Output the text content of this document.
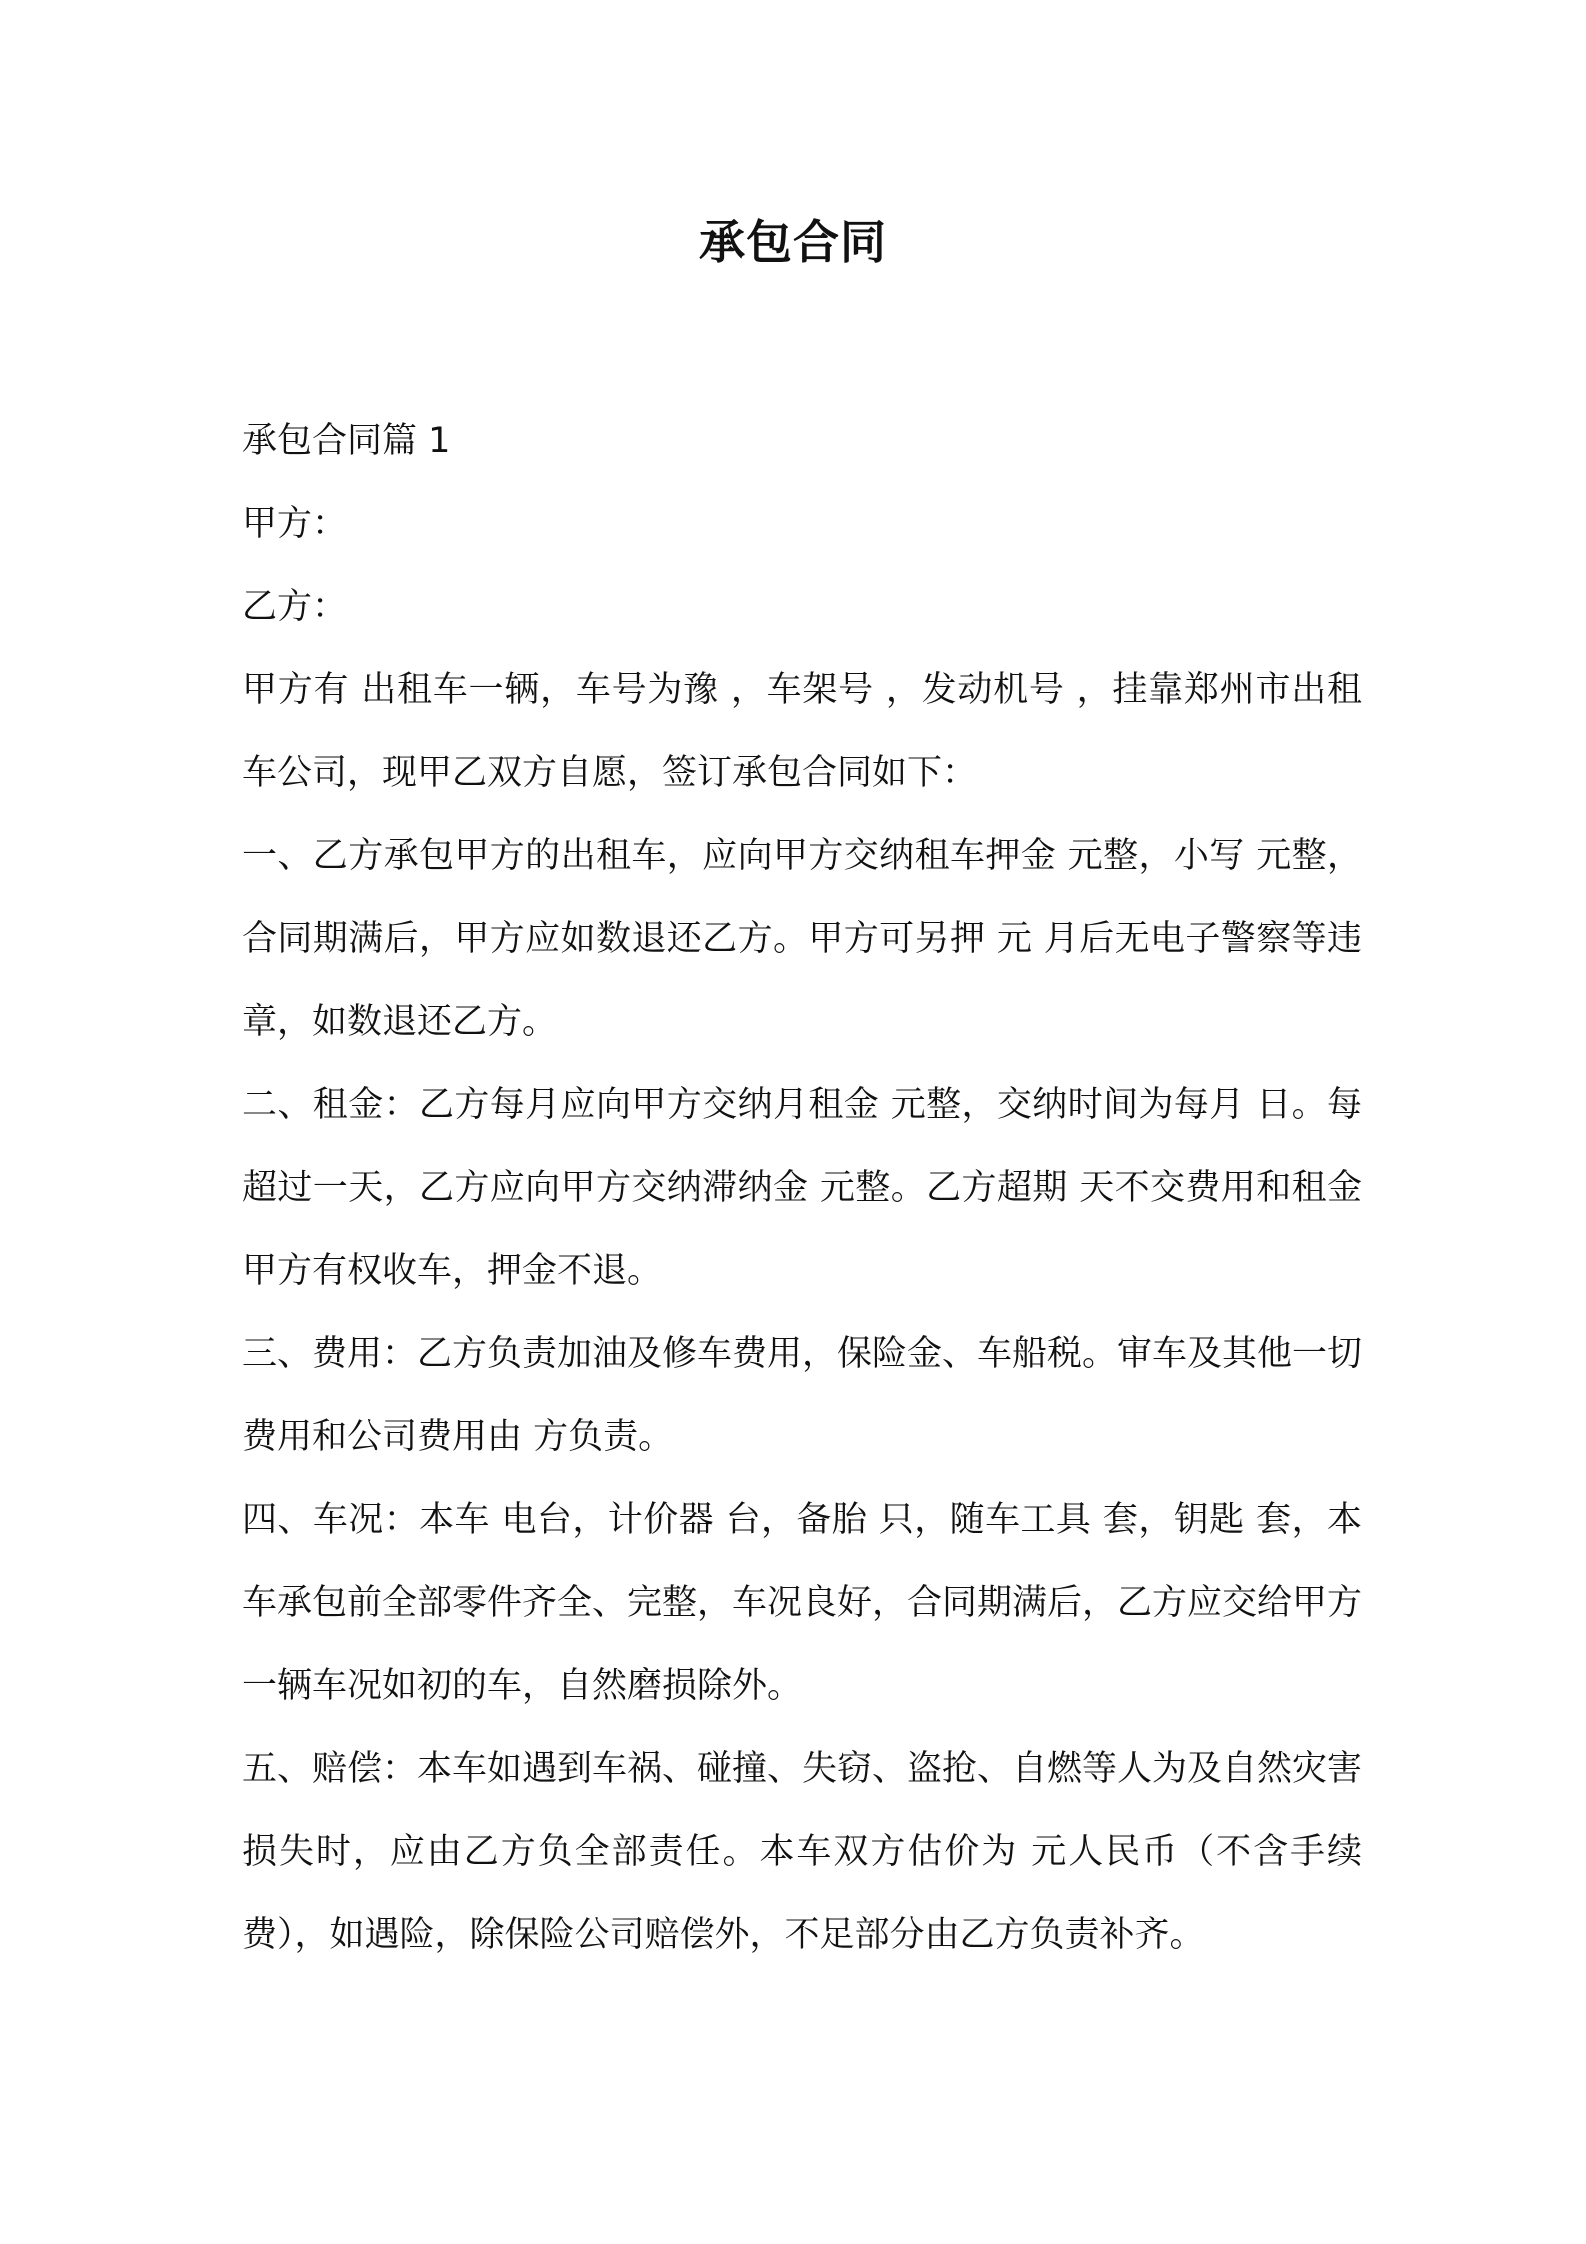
承包合同

承包合同篇 1

甲方：

乙方：

甲方有 出租车一辆，车号为豫 ，车架号 ，发动机号 ，挂靠郑州市出租车公司，现甲乙双方自愿，签订承包合同如下：

一、乙方承包甲方的出租车，应向甲方交纳租车押金 元整，小写 元整，合同期满后，甲方应如数退还乙方。甲方可另押 元 月后无电子警察等违章，如数退还乙方。

二、租金：乙方每月应向甲方交纳月租金 元整，交纳时间为每月 日。每超过一天，乙方应向甲方交纳滞纳金 元整。乙方超期 天不交费用和租金甲方有权收车，押金不退。

三、费用：乙方负责加油及修车费用，保险金、车船税。审车及其他一切费用和公司费用由 方负责。

四、车况：本车 电台，计价器 台，备胎 只，随车工具 套，钥匙 套，本车承包前全部零件齐全、完整，车况良好，合同期满后，乙方应交给甲方一辆车况如初的车，自然磨损除外。

五、赔偿：本车如遇到车祸、碰撞、失窃、盗抢、自燃等人为及自然灾害损失时，应由乙方负全部责任。本车双方估价为 元人民币（不含手续费），如遇险，除保险公司赔偿外，不足部分由乙方负责补齐。
